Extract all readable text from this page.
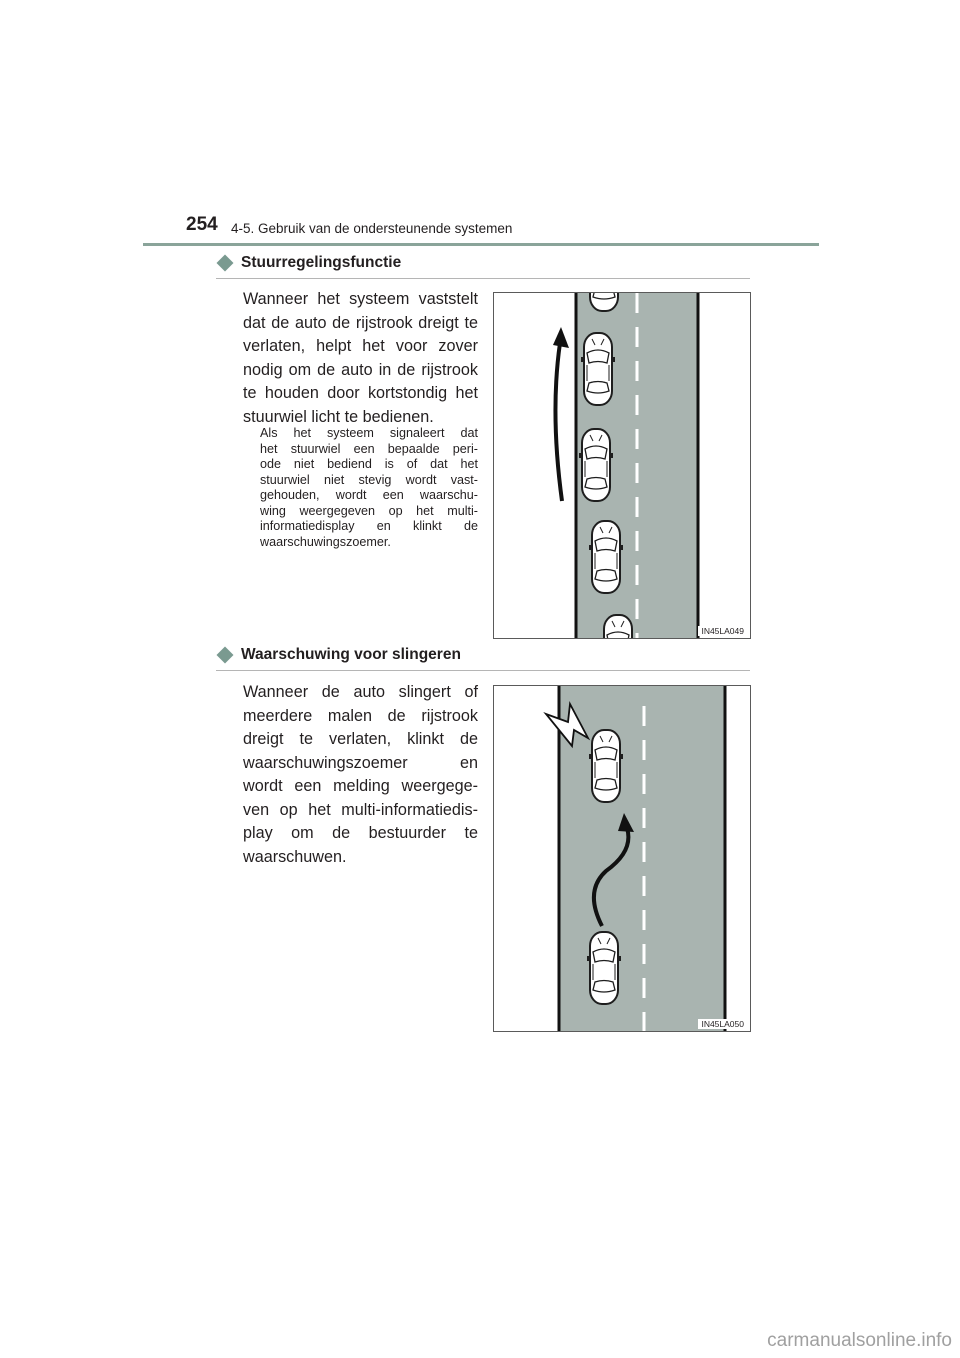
254 4-5. Gebruik van de ondersteunende systemen
Stuurregelingsfunctie
Wanneer het systeem vaststelt
dat de auto de rijstrook dreigt te
verlaten, helpt het voor zover
nodig om de auto in de rijstrook
te houden door kortstondig het
stuurwiel licht te bedienen.
Als het systeem signaleert dat
het stuurwiel een bepaalde peri-
ode niet bediend is of dat het
stuurwiel niet stevig wordt vast-
gehouden, wordt een waarschu-
wing weergegeven op het multi-
informatiedisplay en klinkt de
waarschuwingszoemer.
IN45LA049
Waarschuwing voor slingeren
Wanneer de auto slingert of
meerdere malen de rijstrook
dreigt te verlaten, klinkt de
waarschuwingszoemer en
wordt een melding weergege-
ven op het multi-informatiedis-
play om de bestuurder te
waarschuwen.
IN45LA050
carmanualsonline.info
